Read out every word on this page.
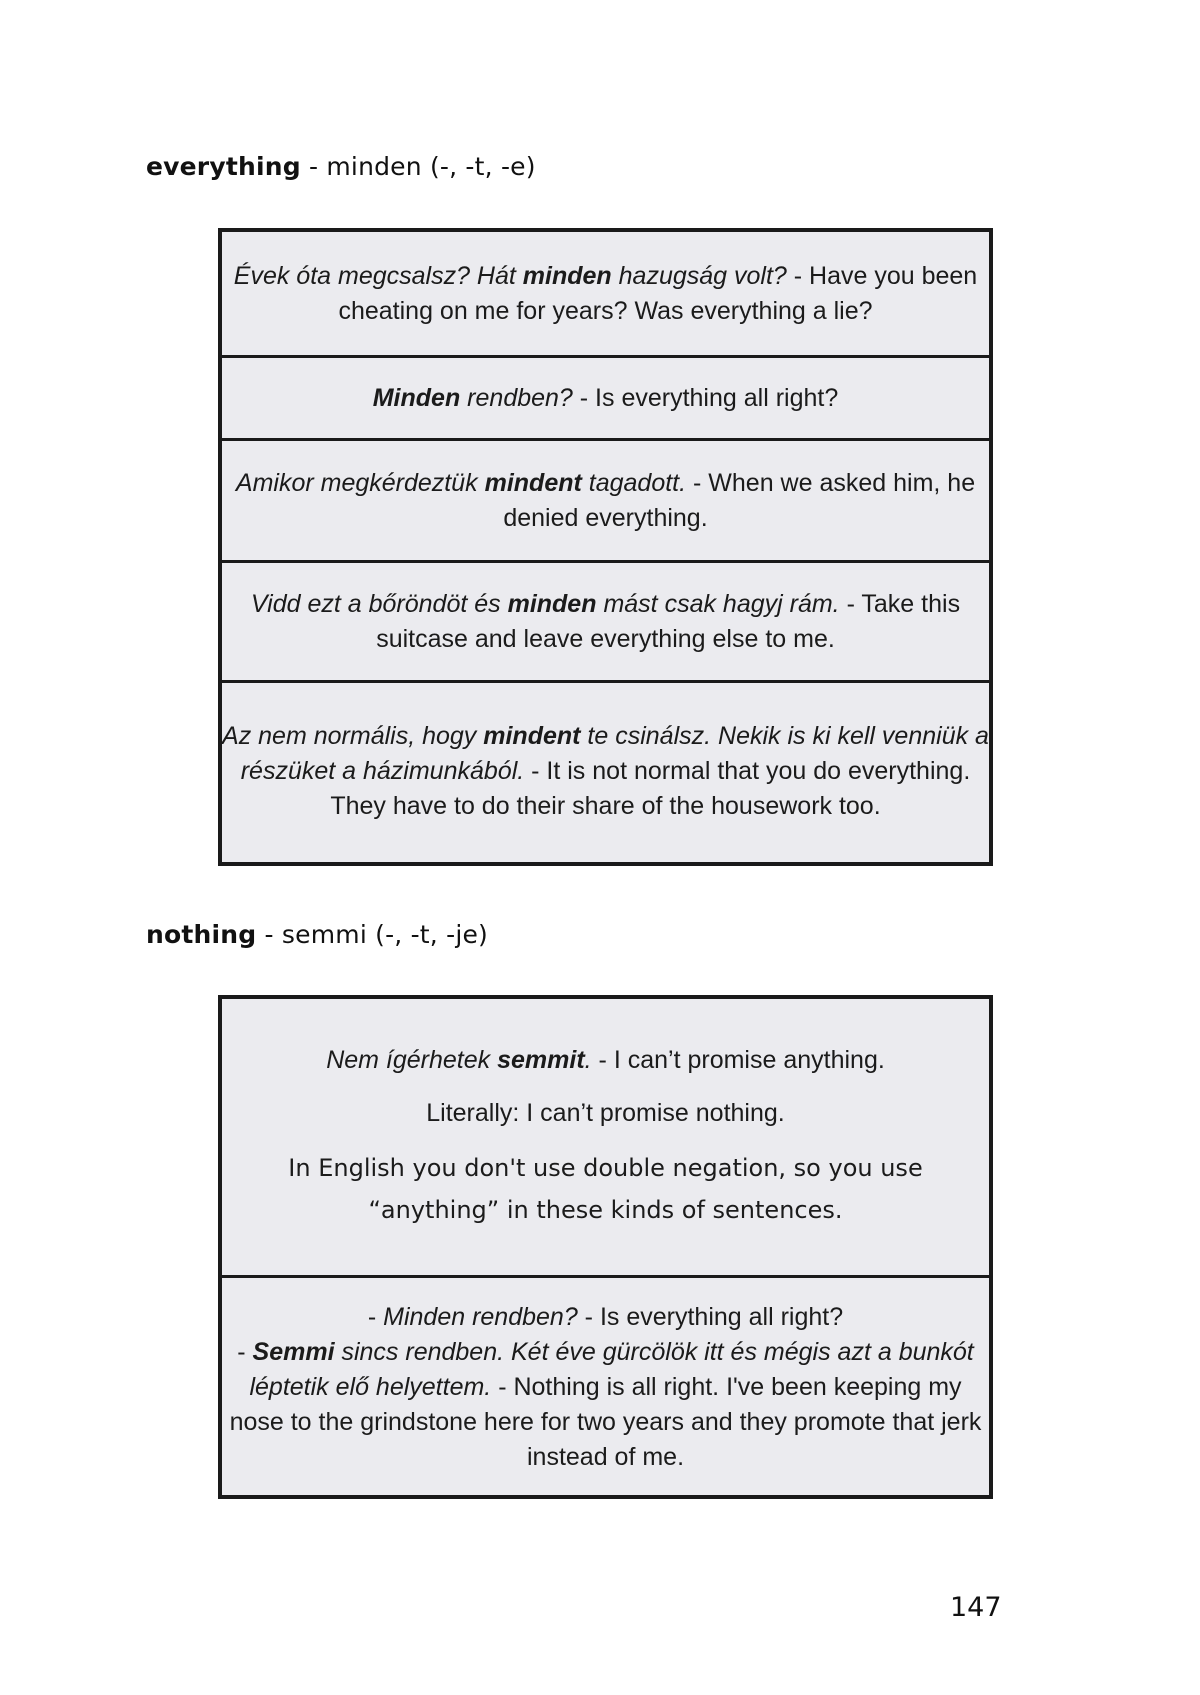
everything - minden (-, -t, -e)

Évek óta megcsalsz? Hát minden hazugság volt? - Have you been cheating on me for years? Was everything a lie?

Minden rendben? - Is everything all right?

Amikor megkérdeztük mindent tagadott. - When we asked him, he denied everything.

Vidd ezt a bőröndöt és minden mást csak hagyj rám. - Take this suitcase and leave everything else to me.

Az nem normális, hogy mindent te csinálsz. Nekik is ki kell venniük a részüket a házimunkából. - It is not normal that you do everything. They have to do their share of the housework too.

nothing - semmi (-, -t, -je)

Nem ígérhetek semmit. - I can’t promise anything.

Literally: I can’t promise nothing.

In English you don't use double negation, so you use “anything” in these kinds of sentences.

- Minden rendben? - Is everything all right?

- Semmi sincs rendben. Két éve gürcölök itt és mégis azt a bunkót léptetik elő helyettem. - Nothing is all right. I've been keeping my nose to the grindstone here for two years and they promote that jerk instead of me.

147
